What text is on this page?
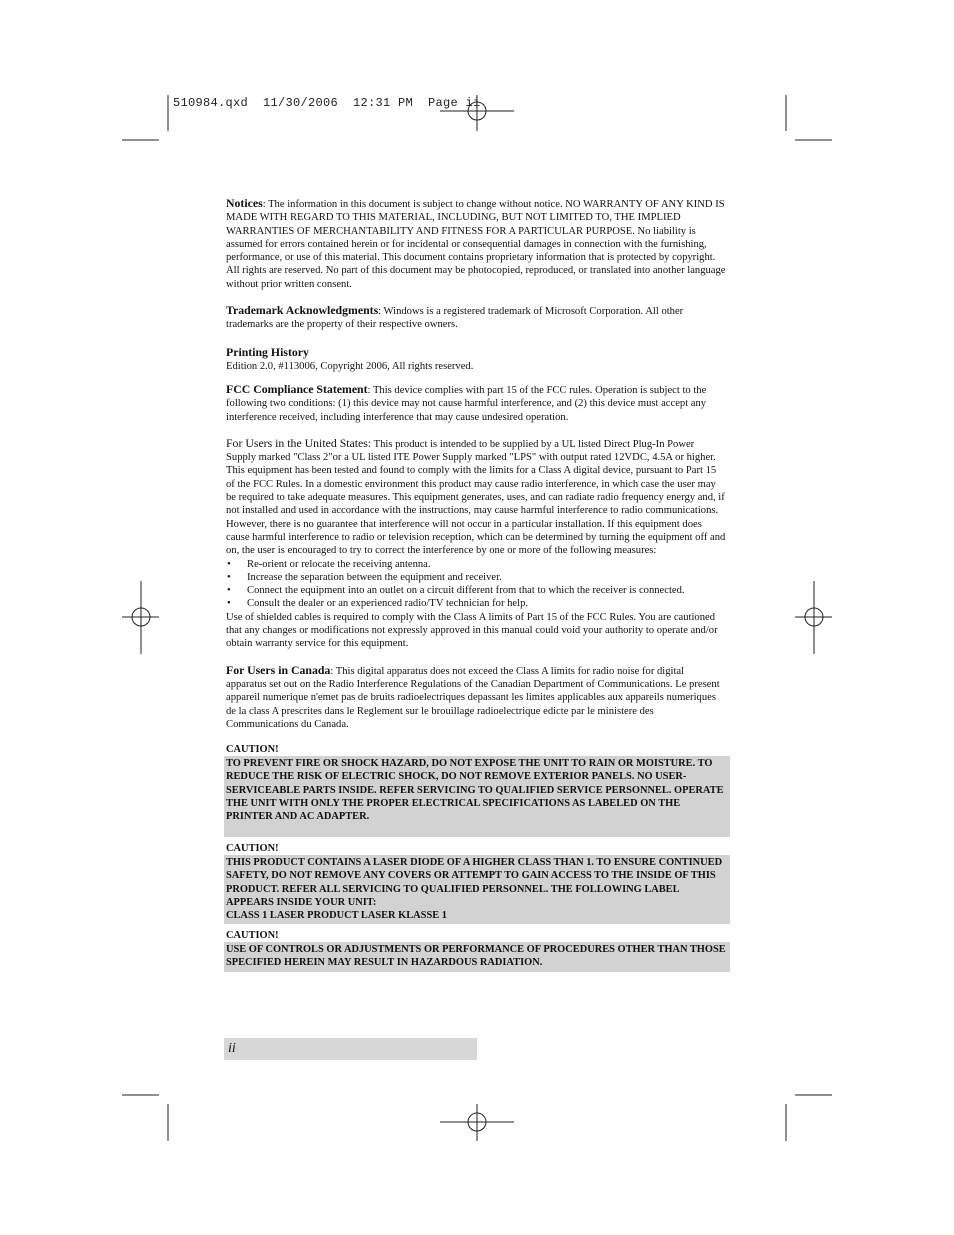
510984.qxd  11/30/2006  12:31 PM  Page ii
Notices: The information in this document is subject to change without notice. NO WARRANTY OF ANY KIND IS MADE WITH REGARD TO THIS MATERIAL, INCLUDING, BUT NOT LIMITED TO, THE IMPLIED WARRANTIES OF MERCHANTABILITY AND FITNESS FOR A PARTICULAR PURPOSE. No liability is assumed for errors contained herein or for incidental or consequential damages in connection with the furnishing, performance, or use of this material. This document contains proprietary information that is protected by copyright. All rights are reserved. No part of this document may be photocopied, reproduced, or translated into another language without prior written consent.
Trademark Acknowledgments: Windows is a registered trademark of Microsoft Corporation. All other trademarks are the property of their respective owners.
Printing History
Edition 2.0, #113006, Copyright 2006, All rights reserved.
FCC Compliance Statement: This device complies with part 15 of the FCC rules. Operation is subject to the following two conditions: (1) this device may not cause harmful interference, and (2) this device must accept any interference received, including interference that may cause undesired operation.
For Users in the United States: This product is intended to be supplied by a UL listed Direct Plug-In Power Supply marked "Class 2"or a UL listed ITE Power Supply marked "LPS" with output rated 12VDC, 4.5A or higher. This equipment has been tested and found to comply with the limits for a Class A digital device, pursuant to Part 15 of the FCC Rules. In a domestic environment this product may cause radio interference, in which case the user may be required to take adequate measures. This equipment generates, uses, and can radiate radio frequency energy and, if not installed and used in accordance with the instructions, may cause harmful interference to radio communications. However, there is no guarantee that interference will not occur in a particular installation. If this equipment does cause harmful interference to radio or television reception, which can be determined by turning the equipment off and on, the user is encouraged to try to correct the interference by one or more of the following measures:
• Re-orient or relocate the receiving antenna.
• Increase the separation between the equipment and receiver.
• Connect the equipment into an outlet on a circuit different from that to which the receiver is connected.
• Consult the dealer or an experienced radio/TV technician for help.
Use of shielded cables is required to comply with the Class A limits of Part 15 of the FCC Rules. You are cautioned that any changes or modifications not expressly approved in this manual could void your authority to operate and/or obtain warranty service for this equipment.
For Users in Canada: This digital apparatus does not exceed the Class A limits for radio noise for digital apparatus set out on the Radio Interference Regulations of the Canadian Department of Communications. Le present appareil numerique n'emet pas de bruits radioelectriques depassant les limites applicables aux appareils numeriques de la class A prescrites dans le Reglement sur le brouillage radioelectrique edicte par le ministere des Communications du Canada.
CAUTION!
TO PREVENT FIRE OR SHOCK HAZARD, DO NOT EXPOSE THE UNIT TO RAIN OR MOISTURE. TO REDUCE THE RISK OF ELECTRIC SHOCK, DO NOT REMOVE EXTERIOR PANELS. NO USER-SERVICEABLE PARTS INSIDE. REFER SERVICING TO QUALIFIED SERVICE PERSONNEL. OPERATE THE UNIT WITH ONLY THE PROPER ELECTRICAL SPECIFICATIONS AS LABELED ON THE PRINTER AND AC ADAPTER.
CAUTION!
THIS PRODUCT CONTAINS A LASER DIODE OF A HIGHER CLASS THAN 1. TO ENSURE CONTINUED SAFETY, DO NOT REMOVE ANY COVERS OR ATTEMPT TO GAIN ACCESS TO THE INSIDE OF THIS PRODUCT. REFER ALL SERVICING TO QUALIFIED PERSONNEL. THE FOLLOWING LABEL APPEARS INSIDE YOUR UNIT:
CLASS 1 LASER PRODUCT LASER KLASSE 1
CAUTION!
USE OF CONTROLS OR ADJUSTMENTS OR PERFORMANCE OF PROCEDURES OTHER THAN THOSE SPECIFIED HEREIN MAY RESULT IN HAZARDOUS RADIATION.
ii
